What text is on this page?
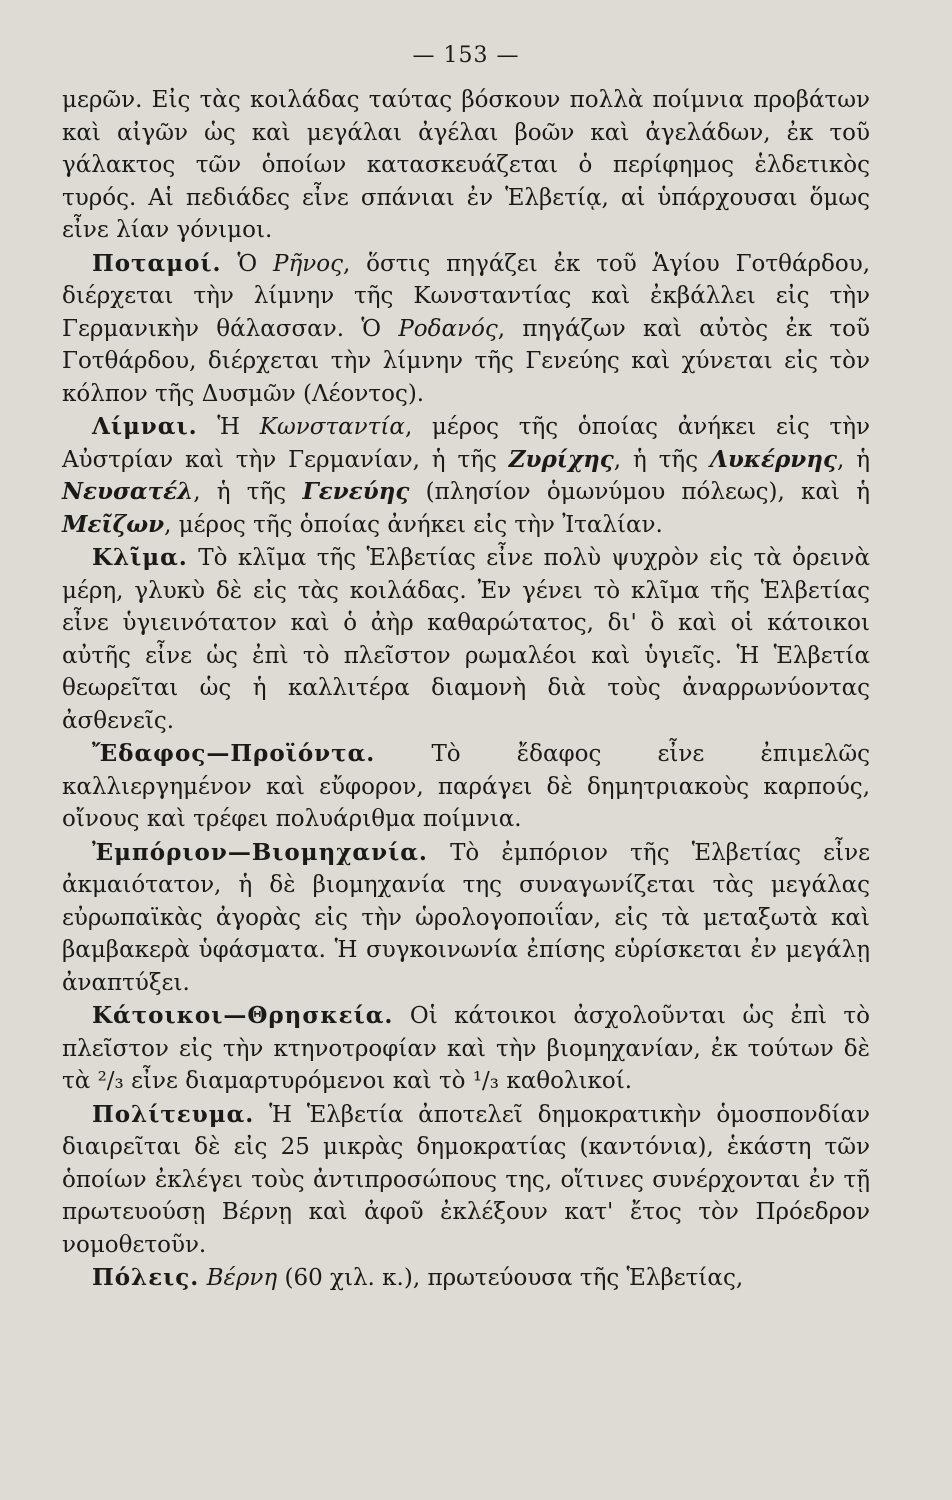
— 153 —

μερῶν. Εἰς τὰς κοιλάδας ταύτας βόσκουν πολλὰ ποίμνια προβάτων καὶ αἰγῶν ὡς καὶ μεγάλαι ἀγέλαι βοῶν καὶ ἀγελάδων, ἐκ τοῦ γάλακτος τῶν ὁποίων κατασκευάζεται ὁ περίφημος ἑλδετικὸς τυρός. Αἱ πεδιάδες εἶνε σπάνιαι ἐν Ἑλβετίᾳ, αἱ ὑπάρχουσαι ὅμως εἶνε λίαν γόνιμοι.

Ποταμοί. Ὁ Ρῆνος, ὅστις πηγάζει ἐκ τοῦ Ἁγίου Γοτθάρδου, διέρχεται τὴν λίμνην τῆς Κωνσταντίας καὶ ἐκβάλλει εἰς τὴν Γερμανικὴν θάλασσαν. Ὁ Ροδανός, πηγάζων καὶ αὐτὸς ἐκ τοῦ Γοτθάρδου, διέρχεται τὴν λίμνην τῆς Γενεύης καὶ χύνεται εἰς τὸν κόλπον τῆς Δυσμῶν (Λέοντος).

Λίμναι. Ἡ Κωνσταντία, μέρος τῆς ὁποίας ἀνήκει εἰς τὴν Αὐστρίαν καὶ τὴν Γερμανίαν, ἡ τῆς Ζυρίχης, ἡ τῆς Λυκέρνης, ἡ Νευσατέλ, ἡ τῆς Γενεύης (πλησίον ὁμωνύμου πόλεως), καὶ ἡ Μεῖζων, μέρος τῆς ὁποίας ἀνήκει εἰς τὴν Ἰταλίαν.

Κλῖμα. Τὸ κλῖμα τῆς Ἑλβετίας εἶνε πολὺ ψυχρὸν εἰς τὰ ὀρεινὰ μέρη, γλυκὺ δὲ εἰς τὰς κοιλάδας. Ἐν γένει τὸ κλῖμα τῆς Ἑλβετίας εἶνε ὑγιεινότατον καὶ ὁ ἀὴρ καθαρώτατος, δι' ὃ καὶ οἱ κάτοικοι αὐτῆς εἶνε ὡς ἐπὶ τὸ πλεῖστον ρωμαλέοι καὶ ὑγιεῖς. Ἡ Ἑλβετία θεωρεῖται ὡς ἡ καλλιτέρα διαμονὴ διὰ τοὺς ἀναρρωνύοντας ἀσθενεῖς.

Ἔδαφος—Προϊόντα. Τὸ ἔδαφος εἶνε ἐπιμελῶς καλλιεργημένον καὶ εὔφορον, παράγει δὲ δημητριακοὺς καρπούς, οἴνους καὶ τρέφει πολυάριθμα ποίμνια.

Ἐμπόριον—Βιομηχανία. Τὸ ἐμπόριον τῆς Ἑλβετίας εἶνε ἀκμαιότατον, ἡ δὲ βιομηχανία της συναγωνίζεται τὰς μεγάλας εὐρωπαϊκὰς ἀγορὰς εἰς τὴν ὡρολογοποιΐαν, εἰς τὰ μεταξωτὰ καὶ βαμβακερὰ ὑφάσματα. Ἡ συγκοινωνία ἐπίσης εὑρίσκεται ἐν μεγάλῃ ἀναπτύξει.

Κάτοικοι—Θρησκεία. Οἱ κάτοικοι ἀσχολοῦνται ὡς ἐπὶ τὸ πλεῖστον εἰς τὴν κτηνοτροφίαν καὶ τὴν βιομηχανίαν, ἐκ τούτων δὲ τὰ ²/₃ εἶνε διαμαρτυρόμενοι καὶ τὸ ¹/₃ καθολικοί.

Πολίτευμα. Ἡ Ἑλβετία ἀποτελεῖ δημοκρατικὴν ὁμοσπονδίαν διαιρεῖται δὲ εἰς 25 μικρὰς δημοκρατίας (καντόνια), ἑκάστη τῶν ὁποίων ἐκλέγει τοὺς ἀντιπροσώπους της, οἵτινες συνέρχονται ἐν τῇ πρωτευούσῃ Βέρνῃ καὶ ἀφοῦ ἐκλέξουν κατ' ἔτος τὸν Πρόεδρον νομοθετοῦν.

Πόλεις. Βέρνη (60 χιλ. κ.), πρωτεύουσα τῆς Ἑλβετίας,
